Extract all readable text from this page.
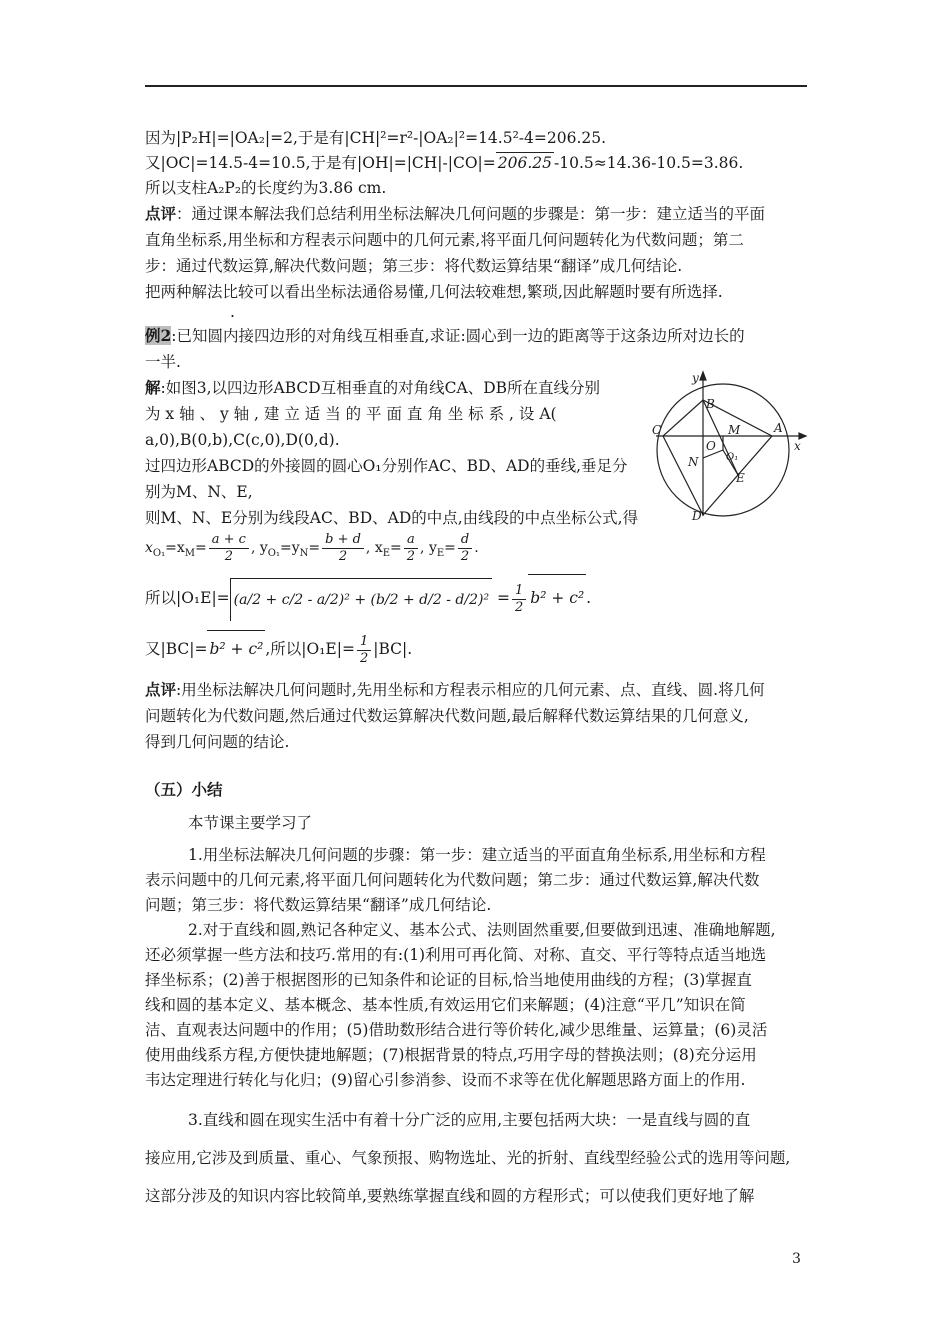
因为|P₂H|=|OA₂|=2,于是有|CH|²=r²-|OA₂|²=14.5²-4=206.25.
又|OC|=14.5-4=10.5,于是有|OH|=|CH|-|CO|= 206.25 -10.5≈14.36-10.5=3.86.
所以支柱A₂P₂的长度约为3.86 cm.
点评：通过课本解法我们总结利用坐标法解决几何问题的步骤是：第一步：建立适当的平面
直角坐标系,用坐标和方程表示问题中的几何元素,将平面几何问题转化为代数问题；第二
步：通过代数运算,解决代数问题；第三步：将代数运算结果“翻译”成几何结论.
把两种解法比较可以看出坐标法通俗易懂,几何法较难想,繁琐,因此解题时要有所选择.
.
例2:已知圆内接四边形的对角线互相垂直,求证:圆心到一边的距离等于这条边所对边长的
一半.
解:如图3,以四边形ABCD互相垂直的对角线CA、DB所在直线分别
为 x 轴 、 y 轴 , 建 立 适 当 的 平 面 直 角 坐 标 系 , 设 A(
a,0),B(0,b),C(c,0),D(0,d).
过四边形ABCD的外接圆的圆心O₁分别作AC、BD、AD的垂线,垂足分
别为M、N、E,
则M、N、E分别为线段AC、BD、AD的中点,由线段的中点坐标公式,得
$x_{O_1}=x_M= \frac{a + c}{2}$ , $y_{O_1}=y_N= \frac{b + d}{2}$ , $x_E= \frac{a}{2}$ , $y_E= \frac{d}{2}$ .
所以$|O_1E|= (a/2 + c/2 - a/2)^2 + (b/2 + d/2 - d/2)^2 = \frac{1}{2} b^2 + c^2$ .
又|BC|= b² + c² ,所以$|O_1E|= \frac{1}{2} |BC|$.
点评:用坐标法解决几何问题时,先用坐标和方程表示相应的几何元素、点、直线、圆.将几何
问题转化为代数问题,然后通过代数运算解决代数问题,最后解释代数运算结果的几何意义,
得到几何问题的结论.
y
x
A
B
C
D
O
O₁
M
N
E
（五）小结
本节课主要学习了
1.用坐标法解决几何问题的步骤：第一步：建立适当的平面直角坐标系,用坐标和方程
表示问题中的几何元素,将平面几何问题转化为代数问题；第二步：通过代数运算,解决代数
问题；第三步：将代数运算结果“翻译”成几何结论.
2.对于直线和圆,熟记各种定义、基本公式、法则固然重要,但要做到迅速、准确地解题,
还必须掌握一些方法和技巧.常用的有:(1)利用可再化简、对称、直交、平行等特点适当地选
择坐标系；(2)善于根据图形的已知条件和论证的目标,恰当地使用曲线的方程；(3)掌握直
线和圆的基本定义、基本概念、基本性质,有效运用它们来解题；(4)注意“平几”知识在简
洁、直观表达问题中的作用；(5)借助数形结合进行等价转化,减少思维量、运算量；(6)灵活
使用曲线系方程,方便快捷地解题；(7)根据背景的特点,巧用字母的替换法则；(8)充分运用
韦达定理进行转化与化归；(9)留心引参消参、设而不求等在优化解题思路方面上的作用.
3.直线和圆在现实生活中有着十分广泛的应用,主要包括两大块：一是直线与圆的直
接应用,它涉及到质量、重心、气象预报、购物选址、光的折射、直线型经验公式的选用等问题,
这部分涉及的知识内容比较简单,要熟练掌握直线和圆的方程形式；可以使我们更好地了解
3
